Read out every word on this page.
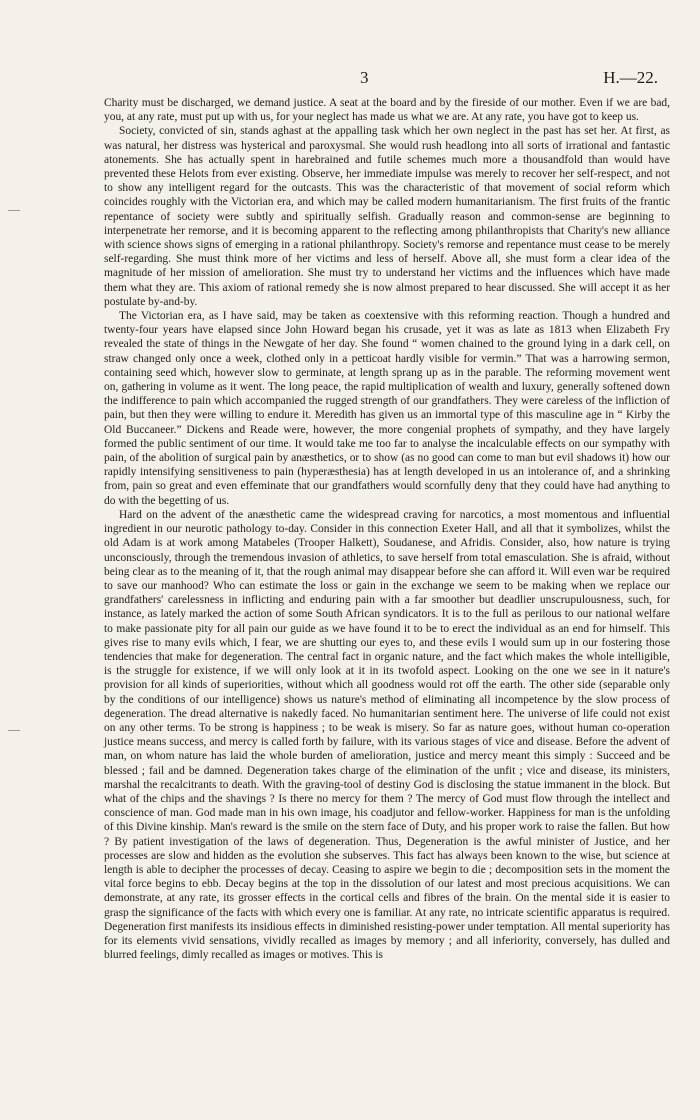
3	H.—22.

Charity must be discharged, we demand justice. A seat at the board and by the fireside of our mother. Even if we are bad, you, at any rate, must put up with us, for your neglect has made us what we are. At any rate, you have got to keep us.

Society, convicted of sin, stands aghast at the appalling task which her own neglect in the past has set her. At first, as was natural, her distress was hysterical and paroxysmal. She would rush headlong into all sorts of irrational and fantastic atonements. She has actually spent in harebrained and futile schemes much more a thousandfold than would have prevented these Helots from ever existing. Observe, her immediate impulse was merely to recover her self-respect, and not to show any intelligent regard for the outcasts. This was the characteristic of that movement of social reform which coincides roughly with the Victorian era, and which may be called modern humanitarianism. The first fruits of the frantic repentance of society were subtly and spiritually selfish. Gradually reason and common-sense are beginning to interpenetrate her remorse, and it is becoming apparent to the reflecting among philanthropists that Charity's new alliance with science shows signs of emerging in a rational philanthropy. Society's remorse and repentance must cease to be merely self-regarding. She must think more of her victims and less of herself. Above all, she must form a clear idea of the magnitude of her mission of amelioration. She must try to understand her victims and the influences which have made them what they are. This axiom of rational remedy she is now almost prepared to hear discussed. She will accept it as her postulate by-and-by.

The Victorian era, as I have said, may be taken as coextensive with this reforming reaction. Though a hundred and twenty-four years have elapsed since John Howard began his crusade, yet it was as late as 1813 when Elizabeth Fry revealed the state of things in the Newgate of her day. She found “ women chained to the ground lying in a dark cell, on straw changed only once a week, clothed only in a petticoat hardly visible for vermin.” That was a harrowing sermon, containing seed which, however slow to germinate, at length sprang up as in the parable. The reforming movement went on, gathering in volume as it went. The long peace, the rapid multiplication of wealth and luxury, generally softened down the indifference to pain which accompanied the rugged strength of our grandfathers. They were careless of the infliction of pain, but then they were willing to endure it. Meredith has given us an immortal type of this masculine age in “ Kirby the Old Buccaneer.” Dickens and Reade were, however, the more congenial prophets of sympathy, and they have largely formed the public sentiment of our time. It would take me too far to analyse the incalculable effects on our sympathy with pain, of the abolition of surgical pain by anæsthetics, or to show (as no good can come to man but evil shadows it) how our rapidly intensifying sensitiveness to pain (hyperæsthesia) has at length developed in us an intolerance of, and a shrinking from, pain so great and even effeminate that our grandfathers would scornfully deny that they could have had anything to do with the begetting of us.

Hard on the advent of the anæsthetic came the widespread craving for narcotics, a most momentous and influential ingredient in our neurotic pathology to-day. Consider in this connection Exeter Hall, and all that it symbolizes, whilst the old Adam is at work among Matabeles (Trooper Halkett), Soudanese, and Afridis. Consider, also, how nature is trying unconsciously, through the tremendous invasion of athletics, to save herself from total emasculation. She is afraid, without being clear as to the meaning of it, that the rough animal may disappear before she can afford it. Will even war be required to save our manhood? Who can estimate the loss or gain in the exchange we seem to be making when we replace our grandfathers' carelessness in inflicting and enduring pain with a far smoother but deadlier unscrupulousness, such, for instance, as lately marked the action of some South African syndicators. It is to the full as perilous to our national welfare to make passionate pity for all pain our guide as we have found it to be to erect the individual as an end for himself. This gives rise to many evils which, I fear, we are shutting our eyes to, and these evils I would sum up in our fostering those tendencies that make for degeneration. The central fact in organic nature, and the fact which makes the whole intelligible, is the struggle for existence, if we will only look at it in its twofold aspect. Looking on the one we see in it nature's provision for all kinds of superiorities, without which all goodness would rot off the earth. The other side (separable only by the conditions of our intelligence) shows us nature's method of eliminating all incompetence by the slow process of degeneration. The dread alternative is nakedly faced. No humanitarian sentiment here. The universe of life could not exist on any other terms. To be strong is happiness ; to be weak is misery. So far as nature goes, without human co-operation justice means success, and mercy is called forth by failure, with its various stages of vice and disease. Before the advent of man, on whom nature has laid the whole burden of amelioration, justice and mercy meant this simply : Succeed and be blessed ; fail and be damned. Degeneration takes charge of the elimination of the unfit ; vice and disease, its ministers, marshal the recalcitrants to death. With the graving-tool of destiny God is disclosing the statue immanent in the block. But what of the chips and the shavings ? Is there no mercy for them ? The mercy of God must flow through the intellect and conscience of man. God made man in his own image, his coadjutor and fellow-worker. Happiness for man is the unfolding of this Divine kinship. Man's reward is the smile on the stern face of Duty, and his proper work to raise the fallen. But how ? By patient investigation of the laws of degeneration. Thus, Degeneration is the awful minister of Justice, and her processes are slow and hidden as the evolution she subserves. This fact has always been known to the wise, but science at length is able to decipher the processes of decay. Ceasing to aspire we begin to die ; decomposition sets in the moment the vital force begins to ebb. Decay begins at the top in the dissolution of our latest and most precious acquisitions. We can demonstrate, at any rate, its grosser effects in the cortical cells and fibres of the brain. On the mental side it is easier to grasp the significance of the facts with which every one is familiar. At any rate, no intricate scientific apparatus is required. Degeneration first manifests its insidious effects in diminished resisting-power under temptation. All mental superiority has for its elements vivid sensations, vividly recalled as images by memory ; and all inferiority, conversely, has dulled and blurred feelings, dimly recalled as images or motives. This is
